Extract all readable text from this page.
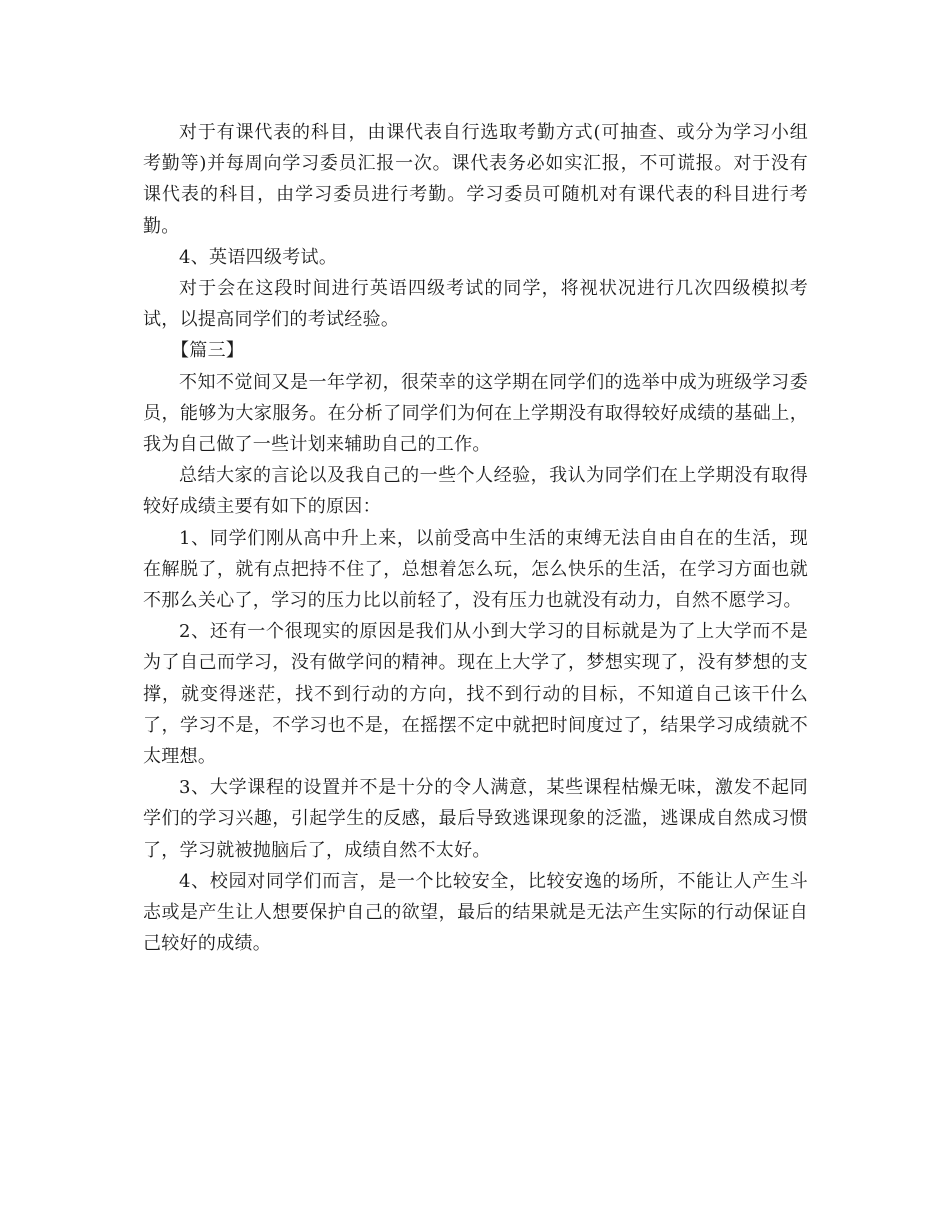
对于有课代表的科目，由课代表自行选取考勤方式(可抽查、或分为学习小组考勤等)并每周向学习委员汇报一次。课代表务必如实汇报，不可谎报。对于没有课代表的科目，由学习委员进行考勤。学习委员可随机对有课代表的科目进行考勤。

4、英语四级考试。

对于会在这段时间进行英语四级考试的同学，将视状况进行几次四级模拟考试，以提高同学们的考试经验。

【篇三】

不知不觉间又是一年学初，很荣幸的这学期在同学们的选举中成为班级学习委员，能够为大家服务。在分析了同学们为何在上学期没有取得较好成绩的基础上，我为自己做了一些计划来辅助自己的工作。

总结大家的言论以及我自己的一些个人经验，我认为同学们在上学期没有取得较好成绩主要有如下的原因：

1、同学们刚从高中升上来，以前受高中生活的束缚无法自由自在的生活，现在解脱了，就有点把持不住了，总想着怎么玩，怎么快乐的生活，在学习方面也就不那么关心了，学习的压力比以前轻了，没有压力也就没有动力，自然不愿学习。

2、还有一个很现实的原因是我们从小到大学习的目标就是为了上大学而不是为了自己而学习，没有做学问的精神。现在上大学了，梦想实现了，没有梦想的支撑，就变得迷茫，找不到行动的方向，找不到行动的目标，不知道自己该干什么了，学习不是，不学习也不是，在摇摆不定中就把时间度过了，结果学习成绩就不太理想。

3、大学课程的设置并不是十分的令人满意，某些课程枯燥无味，激发不起同学们的学习兴趣，引起学生的反感，最后导致逃课现象的泛滥，逃课成自然成习惯了，学习就被抛脑后了，成绩自然不太好。

4、校园对同学们而言，是一个比较安全，比较安逸的场所，不能让人产生斗志或是产生让人想要保护自己的欲望，最后的结果就是无法产生实际的行动保证自己较好的成绩。
